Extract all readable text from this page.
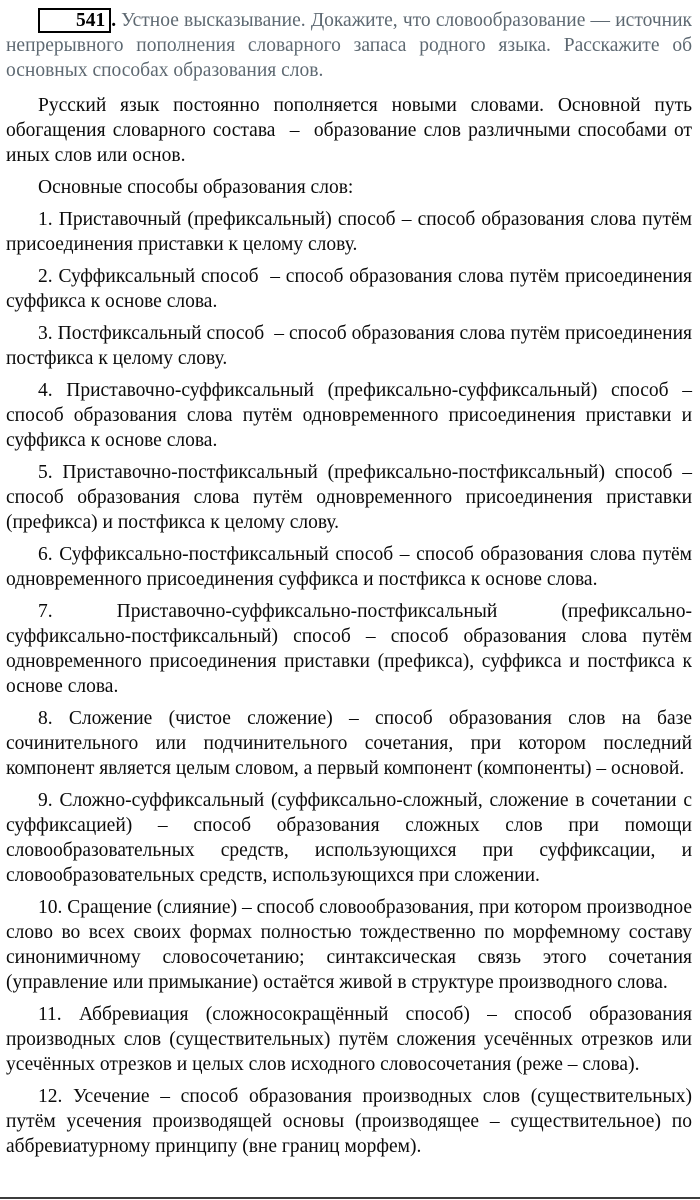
541 . Устное высказывание. Докажите, что словообразование — источник непрерывного пополнения словарного запаса родного языка. Расскажите об основных способах образования слов.

Русский язык постоянно пополняется новыми словами. Основной путь обогащения словарного состава  –  образование слов различными способами от иных слов или основ.

Основные способы образования слов:

1. Приставочный (префиксальный) способ – способ образования слова путём присоединения приставки к целому слову.

2. Суффиксальный способ  – способ образования слова путём присоединения суффикса к основе слова.

3. Постфиксальный способ  – способ образования слова путём присоединения постфикса к целому слову.

4. Приставочно-суффиксальный (префиксально-суффиксальный) способ – способ образования слова путём одновременного присоединения приставки и суффикса к основе слова.

5. Приставочно-постфиксальный (префиксально-постфиксальный) способ – способ образования слова путём одновременного присоединения приставки (префикса) и постфикса к целому слову.

6. Суффиксально-постфиксальный способ – способ образования слова путём одновременного присоединения суффикса и постфикса к основе слова.

7. Приставочно-суффиксально-постфиксальный (префиксально-суффиксально-постфиксальный) способ – способ образования слова путём одновременного присоединения приставки (префикса), суффикса и постфикса к основе слова.

8. Сложение (чистое сложение) – способ образования слов на базе сочинительного или подчинительного сочетания, при котором последний компонент является целым словом, а первый компонент (компоненты) – основой.

9. Сложно-суффиксальный (суффиксально-сложный, сложение в сочетании с суффиксацией) – способ образования сложных слов при помощи словообразовательных средств, использующихся при суффиксации, и словообразовательных средств, использующихся при сложении.

10. Сращение (слияние) – способ словообразования, при котором производное слово во всех своих формах полностью тождественно по морфемному составу синонимичному словосочетанию; синтаксическая связь этого сочетания (управление или примыкание) остаётся живой в структуре производного слова.

11. Аббревиация (сложносокращённый способ) – способ образования производных слов (существительных) путём сложения усечённых отрезков или усечённых отрезков и целых слов исходного словосочетания (реже – слова).

12. Усечение – способ образования производных слов (существительных) путём усечения производящей основы (производящее – существительное) по аббревиатурному принципу (вне границ морфем).
